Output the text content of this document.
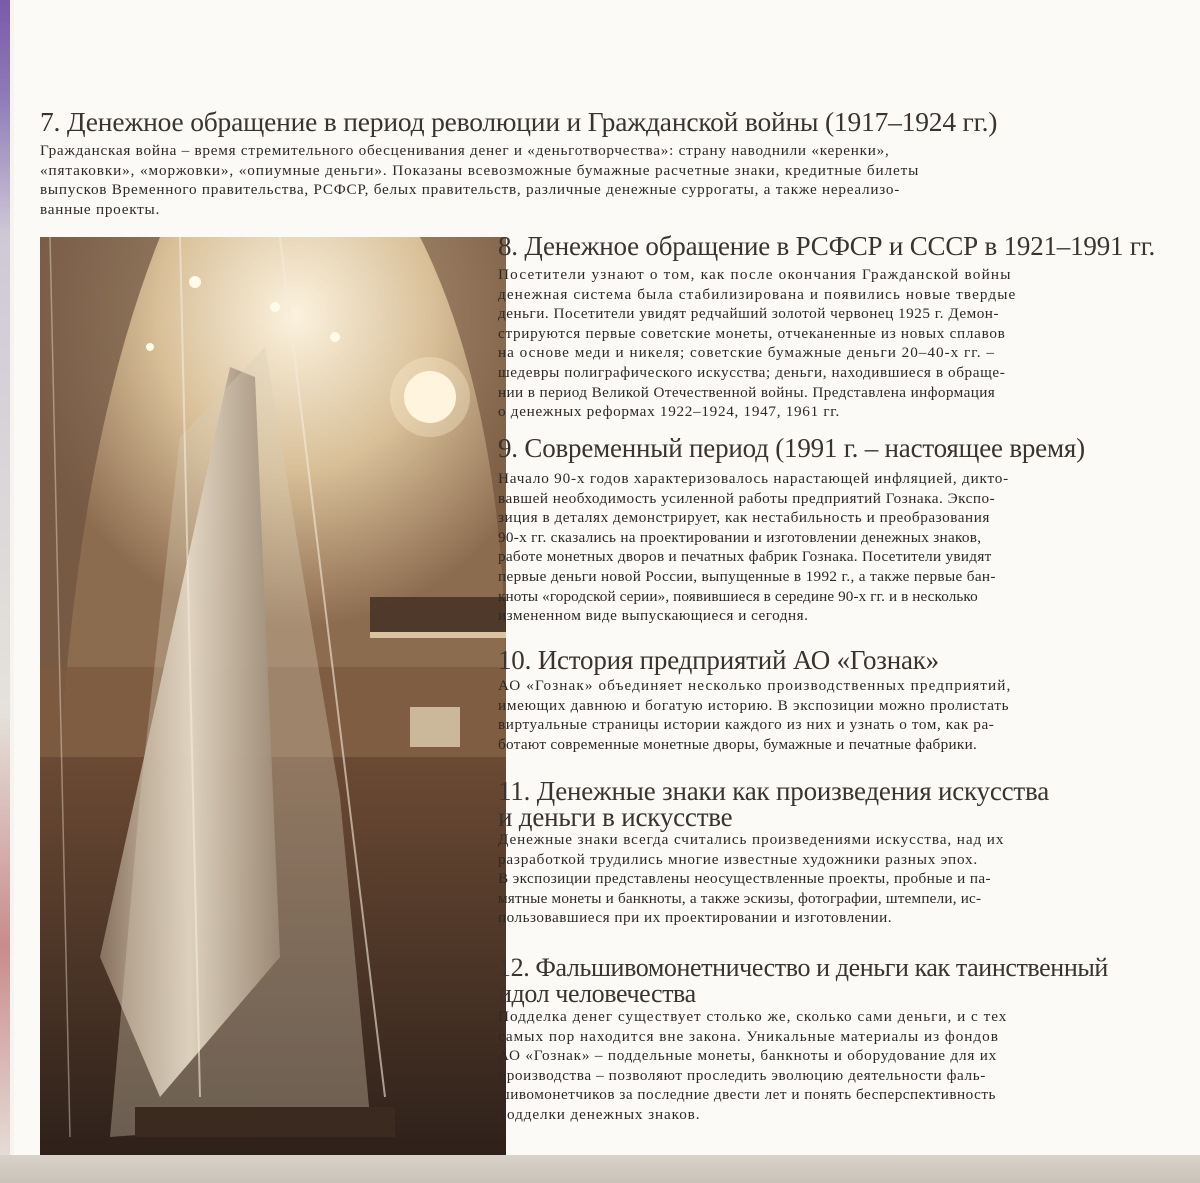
7. Денежное обращение в период революции и Гражданской войны (1917–1924 гг.)
Гражданская война – время стремительного обесценивания денег и «деньготворчества»: страну наводнили «керенки»,
«пятаковки», «моржовки», «опиумные деньги». Показаны всевозможные бумажные расчетные знаки, кредитные билеты
выпусков Временного правительства, РСФСР, белых правительств, различные денежные суррогаты, а также нереализо-
ванные проекты.
8. Денежное обращение в РСФСР и СССР в 1921–1991 гг.
Посетители узнают о том, как после окончания Гражданской войны
денежная система была стабилизирована и появились новые твердые
деньги. Посетители увидят редчайший золотой червонец 1925 г. Демон-
стрируются первые советские монеты, отчеканенные из новых сплавов
на основе меди и никеля; советские бумажные деньги 20–40-х гг. –
шедевры полиграфического искусства; деньги, находившиеся в обраще-
нии в период Великой Отечественной войны. Представлена информация
о денежных реформах 1922–1924, 1947, 1961 гг.
9. Современный период (1991 г. – настоящее время)
Начало 90-х годов характеризовалось нарастающей инфляцией, дикто-
вавшей необходимость усиленной работы предприятий Гознака. Экспо-
зиция в деталях демонстрирует, как нестабильность и преобразования
90-х гг. сказались на проектировании и изготовлении денежных знаков,
работе монетных дворов и печатных фабрик Гознака. Посетители увидят
первые деньги новой России, выпущенные в 1992 г., а также первые бан-
кноты «городской серии», появившиеся в середине 90-х гг. и в несколько
измененном виде выпускающиеся и сегодня.
10. История предприятий АО «Гознак»
АО «Гознак» объединяет несколько производственных предприятий,
имеющих давнюю и богатую историю. В экспозиции можно пролистать
виртуальные страницы истории каждого из них и узнать о том, как ра-
ботают современные монетные дворы, бумажные и печатные фабрики.
11. Денежные знаки как произведения искусства
и деньги в искусстве
Денежные знаки всегда считались произведениями искусства, над их
разработкой трудились многие известные художники разных эпох.
В экспозиции представлены неосуществленные проекты, пробные и па-
мятные монеты и банкноты, а также эскизы, фотографии, штемпели, ис-
пользовавшиеся при их проектировании и изготовлении.
12. Фальшивомонетничество и деньги как таинственный
идол человечества
Подделка денег существует столько же, сколько сами деньги, и с тех
самых пор находится вне закона. Уникальные материалы из фондов
АО «Гознак» – поддельные монеты, банкноты и оборудование для их
производства – позволяют проследить эволюцию деятельности фаль-
шивомонетчиков за последние двести лет и понять бесперспективность
подделки денежных знаков.
